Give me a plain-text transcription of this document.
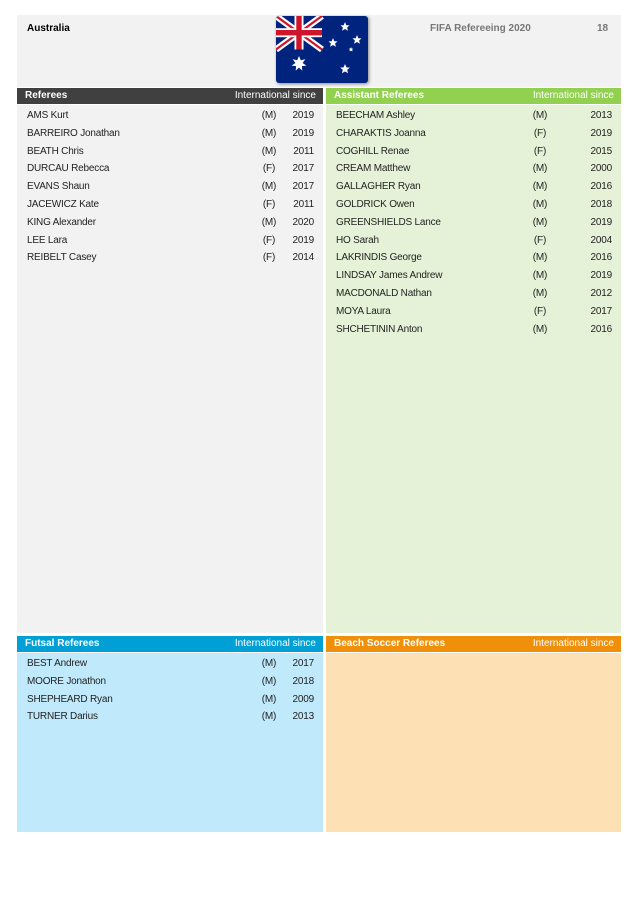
Australia	FIFA Refereeing 2020	18
Referees	International since
AMS Kurt	(M)	2019
BARREIRO Jonathan	(M)	2019
BEATH Chris	(M)	2011
DURCAU Rebecca	(F)	2017
EVANS Shaun	(M)	2017
JACEWICZ Kate	(F)	2011
KING Alexander	(M)	2020
LEE Lara	(F)	2019
REIBELT Casey	(F)	2014
Assistant Referees	International since
BEECHAM Ashley	(M)	2013
CHARAKTIS Joanna	(F)	2019
COGHILL Renae	(F)	2015
CREAM Matthew	(M)	2000
GALLAGHER Ryan	(M)	2016
GOLDRICK Owen	(M)	2018
GREENSHIELDS Lance	(M)	2019
HO Sarah	(F)	2004
LAKRINDIS George	(M)	2016
LINDSAY James Andrew	(M)	2019
MACDONALD Nathan	(M)	2012
MOYA Laura	(F)	2017
SHCHETININ Anton	(M)	2016
Futsal Referees	International since
BEST Andrew	(M)	2017
MOORE Jonathon	(M)	2018
SHEPHEARD Ryan	(M)	2009
TURNER Darius	(M)	2013
Beach Soccer Referees	International since
